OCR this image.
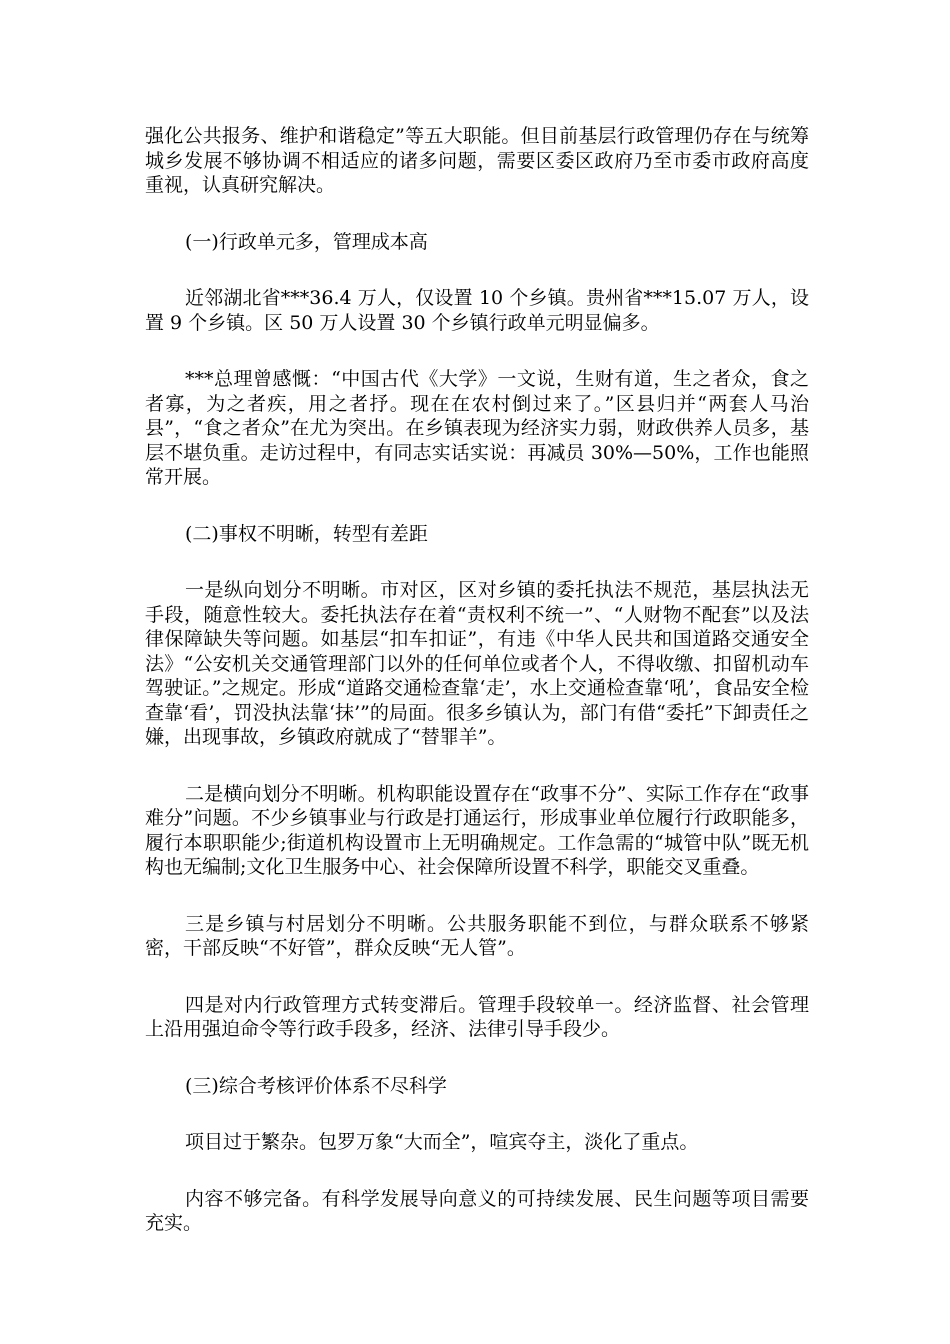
强化公共报务、维护和谐稳定”等五大职能。但目前基层行政管理仍存在与统筹城乡发展不够协调不相适应的诸多问题，需要区委区政府乃至市委市政府高度重视，认真研究解决。

(一)行政单元多，管理成本高

近邻湖北省***36.4 万人，仅设置 10 个乡镇。贵州省***15.07 万人，设置 9 个乡镇。区 50 万人设置 30 个乡镇行政单元明显偏多。

***总理曾感慨：“中国古代《大学》一文说，生财有道，生之者众，食之者寡，为之者疾，用之者抒。现在在农村倒过来了。”区县归并“两套人马治县”，“食之者众”在尤为突出。在乡镇表现为经济实力弱，财政供养人员多，基层不堪负重。走访过程中，有同志实话实说：再减员 30%—50%，工作也能照常开展。

(二)事权不明晰，转型有差距

一是纵向划分不明晰。市对区，区对乡镇的委托执法不规范，基层执法无手段，随意性较大。委托执法存在着“责权利不统一”、“人财物不配套”以及法律保障缺失等问题。如基层“扣车扣证”，有违《中华人民共和国道路交通安全法》“公安机关交通管理部门以外的任何单位或者个人，不得收缴、扣留机动车驾驶证。”之规定。形成“道路交通检查靠‘走’，水上交通检查靠‘吼’，食品安全检查靠‘看’，罚没执法靠‘抹’”的局面。很多乡镇认为，部门有借“委托”下卸责任之嫌，出现事故，乡镇政府就成了“替罪羊”。

二是横向划分不明晰。机构职能设置存在“政事不分”、实际工作存在“政事难分”问题。不少乡镇事业与行政是打通运行，形成事业单位履行行政职能多，履行本职职能少;街道机构设置市上无明确规定。工作急需的“城管中队”既无机构也无编制;文化卫生服务中心、社会保障所设置不科学，职能交叉重叠。

三是乡镇与村居划分不明晰。公共服务职能不到位，与群众联系不够紧密，干部反映“不好管”，群众反映“无人管”。

四是对内行政管理方式转变滞后。管理手段较单一。经济监督、社会管理上沿用强迫命令等行政手段多，经济、法律引导手段少。

(三)综合考核评价体系不尽科学

项目过于繁杂。包罗万象“大而全”，喧宾夺主，淡化了重点。

内容不够完备。有科学发展导向意义的可持续发展、民生问题等项目需要充实。
